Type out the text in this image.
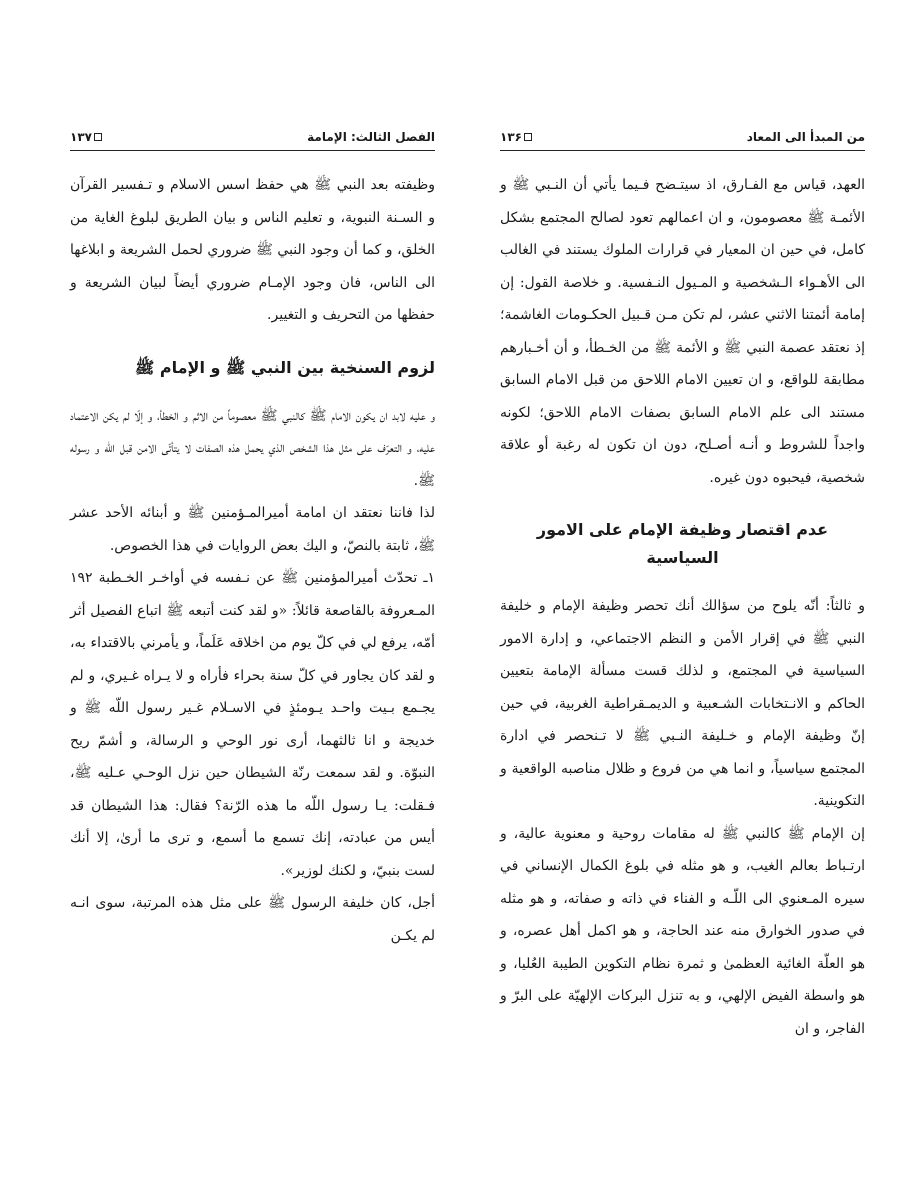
۱۳۶	من المبدأ الى المعاد

العهد، قياس مع الفـارق، اذ سيتـضح فـيما يأتي أن النـبي ﷺ و الأئمـة ﷺ معصومون، و ان اعمالهم تعود لصالح المجتمع بشكل كامل، في حين ان المعيار في قرارات الملوك يستند في الغالب الى الأهـواء الـشخصية و المـيول النـفسية. و خلاصة القول: إن إمامة أئمتنا الاثني عشر، لم تكن مـن قـبيل الحكـومات الغاشمة؛ إذ نعتقد عصمة النبي ﷺ و الأئمة ﷺ من الخـطأ، و أن أخـبارهم مطابقة للواقع، و ان تعيين الامام اللاحق من قبل الامام السابق مستند الى علم الامام السابق بصفات الامام اللاحق؛ لكونه واجداً للشروط و أنـه أصـلح، دون ان تكون له رغبة أو علاقة شخصية، فيحبوه دون غيره.

عدم اقتصار وظيفة الإمام على الامور السياسية

و ثالثاً: أنّه يلوح من سؤالك أنك تحصر وظيفة الإمام و خليفة النبي ﷺ في إقرار الأمن و النظم الاجتماعي، و إدارة الامور السياسية في المجتمع، و لذلك قست مسألة الإمامة بتعيين الحاكم و الانـتخابات الشـعبية و الديمـقراطية الغربية، في حين إنّ وظيفة الإمام و خـليفة النـبي ﷺ لا تـنحصر في ادارة المجتمع سياسياً، و انما هي من فروع و ظلال مناصبه الواقعية و التكوينية.

إن الإمام ﷺ كالنبي ﷺ له مقامات روحية و معنوية عالية، و ارتـباط بعالم الغيب، و هو مثله في بلوغ الكمال الإنساني في سيره المـعنوي الى اللّـه و الفناء في ذاته و صفاته، و هو مثله في صدور الخوارق منه عند الحاجة، و هو اكمل أهل عصره، و هو العلّة الغائية العظمىٰ و ثمرة نظام التكوين الطيبة العُليا، و هو واسطة الفيض الإلهي، و به تنزل البركات الإلهيّة على البرّ و الفاجر، و ان

۱۳۷	الفصل الثالث: الإمامة

وظيفته بعد النبي ﷺ هي حفظ اسس الاسلام و تـفسير القرآن و السـنة النبوية، و تعليم الناس و بيان الطريق لبلوغ الغاية من الخلق، و كما أن وجود النبي ﷺ ضروري لحمل الشريعة و ابلاغها الى الناس، فان وجود الإمـام ضروري أيضاً لبيان الشريعة و حفظها من التحريف و التغيير.

لزوم السنخية بين النبي ﷺ و الإمام ﷺ

و عليه لابد ان يكون الامام ﷺ كالنبي ﷺ معصوماً من الاثم و الخطأ، و إلّا لم يكن الاعتماد عليه، و التعرّف على مثل هذا الشخص الذي يحمل هذه الصفات لا يتأتّى الامن قبل اللّه و رسوله ﷺ.

لذا فاننا نعتقد ان امامة أميرالمـؤمنين ﷺ و أبنائه الأحد عشر ﷺ، ثابتة بالنصّ، و اليك بعض الروايات في هذا الخصوص.

١ـ تحدّث أميرالمؤمنين ﷺ عن نـفسه في أواخـر الخـطبة ١٩٢ المـعروفة بالقاصعة قائلاً: «و لقد كنت أتبعه ﷺ اتباع الفصيل أثر أمّه، يرفع لي في كلّ يوم من اخلاقه عَلَماً، و يأمرني بالاقتداء به، و لقد كان يجاور في كلّ سنة بحراء فأراه و لا يـراه غـيري، و لم يجـمع بـيت واحـد يـومئذٍ في الاسـلام غـير رسول اللّه ﷺ و خديجة و انا ثالثهما، أرى نور الوحي و الرسالة، و أشمّ ريح النبوّة. و لقد سمعت رنّة الشيطان حين نزل الوحـي عـليه ﷺ، فـقلت: يـا رسول اللّه ما هذه الرّنة؟ فقال: هذا الشيطان قد أيس من عبادته، إنك تسمع ما أسمع، و ترى ما أرىٰ، إلا أنك لست بنبيّ، و لكنك لوزير».

أجل، كان خليفة الرسول ﷺ على مثل هذه المرتبة، سوى انـه لم يكـن
